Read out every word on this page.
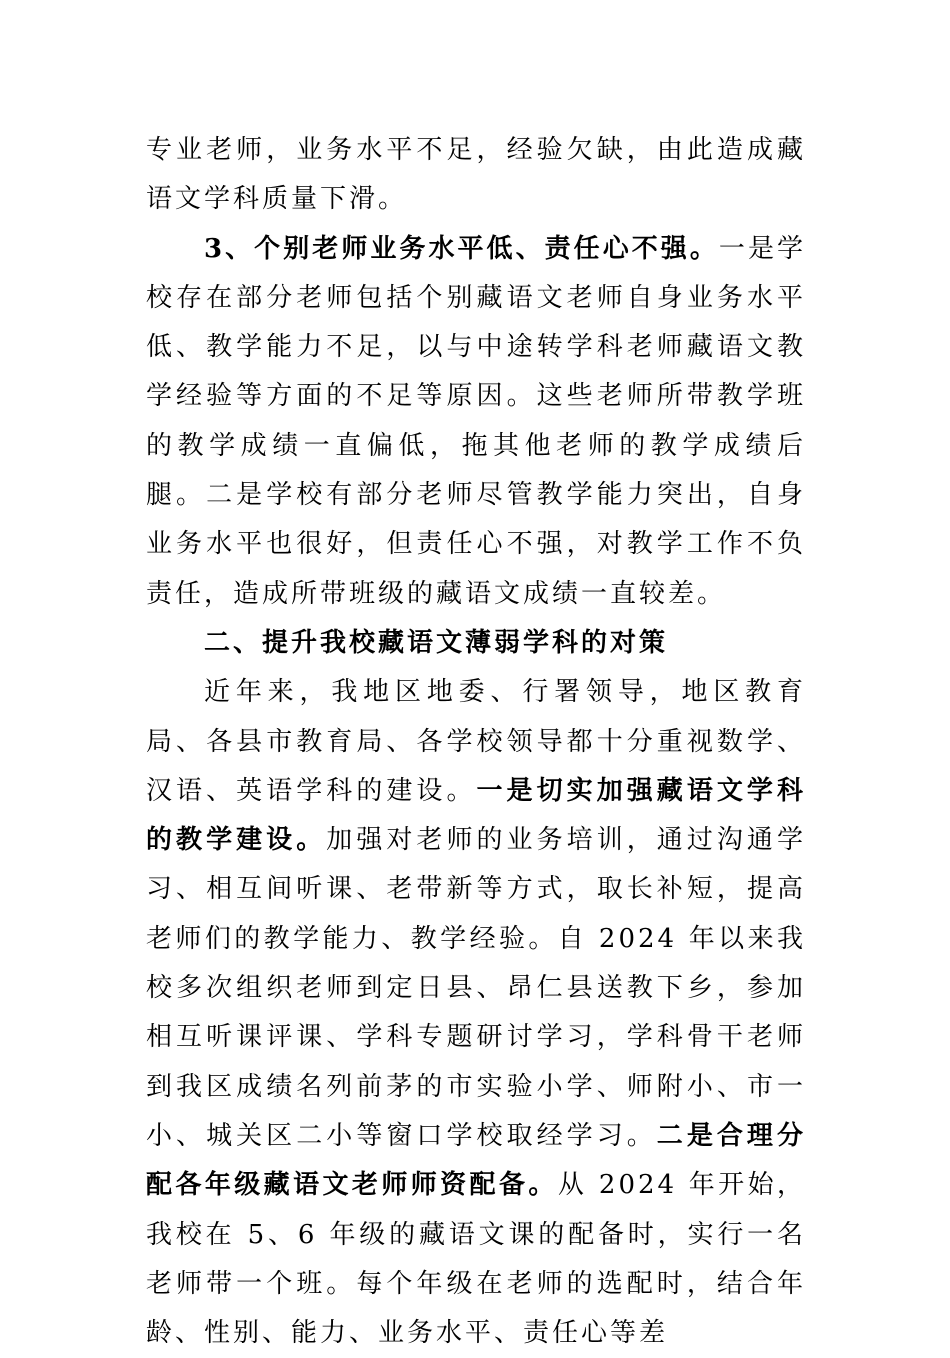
专业老师，业务水平不足，经验欠缺，由此造成藏语文学科质量下滑。

3、个别老师业务水平低、责任心不强。一是学校存在部分老师包括个别藏语文老师自身业务水平低、教学能力不足，以与中途转学科老师藏语文教学经验等方面的不足等原因。这些老师所带教学班的教学成绩一直偏低，拖其他老师的教学成绩后腿。二是学校有部分老师尽管教学能力突出，自身业务水平也很好，但责任心不强，对教学工作不负责任，造成所带班级的藏语文成绩一直较差。

二、提升我校藏语文薄弱学科的对策

近年来，我地区地委、行署领导，地区教育局、各县市教育局、各学校领导都十分重视数学、汉语、英语学科的建设。一是切实加强藏语文学科的教学建设。加强对老师的业务培训，通过沟通学习、相互间听课、老带新等方式，取长补短，提高老师们的教学能力、教学经验。自 2024 年以来我校多次组织老师到定日县、昂仁县送教下乡，参加相互听课评课、学科专题研讨学习，学科骨干老师到我区成绩名列前茅的市实验小学、师附小、市一小、城关区二小等窗口学校取经学习。二是合理分配各年级藏语文老师师资配备。从 2024 年开始，我校在 5、6 年级的藏语文课的配备时，实行一名老师带一个班。每个年级在老师的选配时，结合年龄、性别、能力、业务水平、责任心等差
